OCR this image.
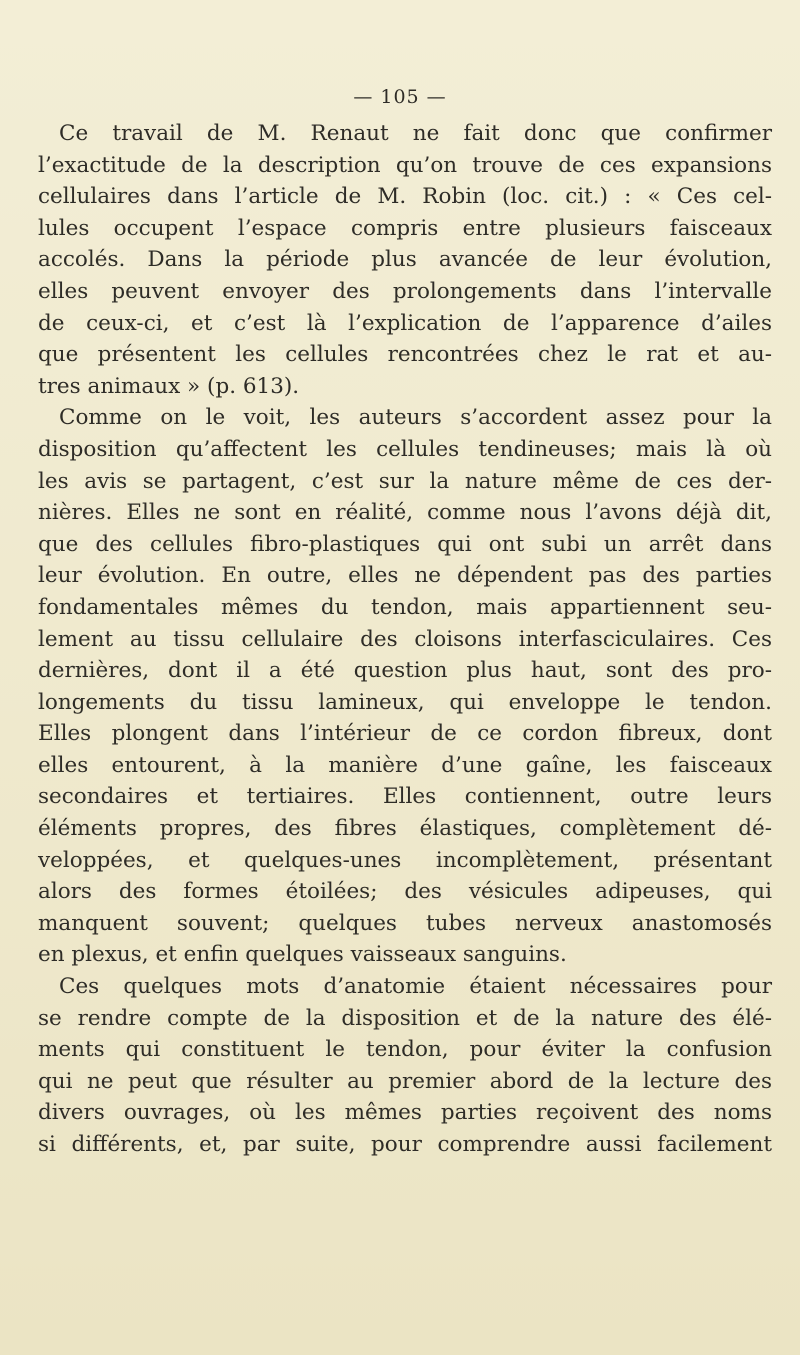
— 105 —
Ce travail de M. Renaut ne fait donc que confirmer
l’exactitude de la description qu’on trouve de ces expansions
cellulaires dans l’article de M. Robin (loc. cit.) : « Ces cel-
lules occupent l’espace compris entre plusieurs faisceaux
accolés. Dans la période plus avancée de leur évolution,
elles peuvent envoyer des prolongements dans l’intervalle
de ceux-ci, et c’est là l’explication de l’apparence d’ailes
que présentent les cellules rencontrées chez le rat et au-
tres animaux » (p. 613).
Comme on le voit, les auteurs s’accordent assez pour la
disposition qu’affectent les cellules tendineuses; mais là où
les avis se partagent, c’est sur la nature même de ces der-
nières. Elles ne sont en réalité, comme nous l’avons déjà dit,
que des cellules fibro-plastiques qui ont subi un arrêt dans
leur évolution. En outre, elles ne dépendent pas des parties
fondamentales mêmes du tendon, mais appartiennent seu-
lement au tissu cellulaire des cloisons interfasciculaires. Ces
dernières, dont il a été question plus haut, sont des pro-
longements du tissu lamineux, qui enveloppe le tendon.
Elles plongent dans l’intérieur de ce cordon fibreux, dont
elles entourent, à la manière d’une gaîne, les faisceaux
secondaires et tertiaires. Elles contiennent, outre leurs
éléments propres, des fibres élastiques, complètement dé-
veloppées, et quelques-unes incomplètement, présentant
alors des formes étoilées; des vésicules adipeuses, qui
manquent souvent; quelques tubes nerveux anastomosés
en plexus, et enfin quelques vaisseaux sanguins.
Ces quelques mots d’anatomie étaient nécessaires pour
se rendre compte de la disposition et de la nature des élé-
ments qui constituent le tendon, pour éviter la confusion
qui ne peut que résulter au premier abord de la lecture des
divers ouvrages, où les mêmes parties reçoivent des noms
si différents, et, par suite, pour comprendre aussi facilement
